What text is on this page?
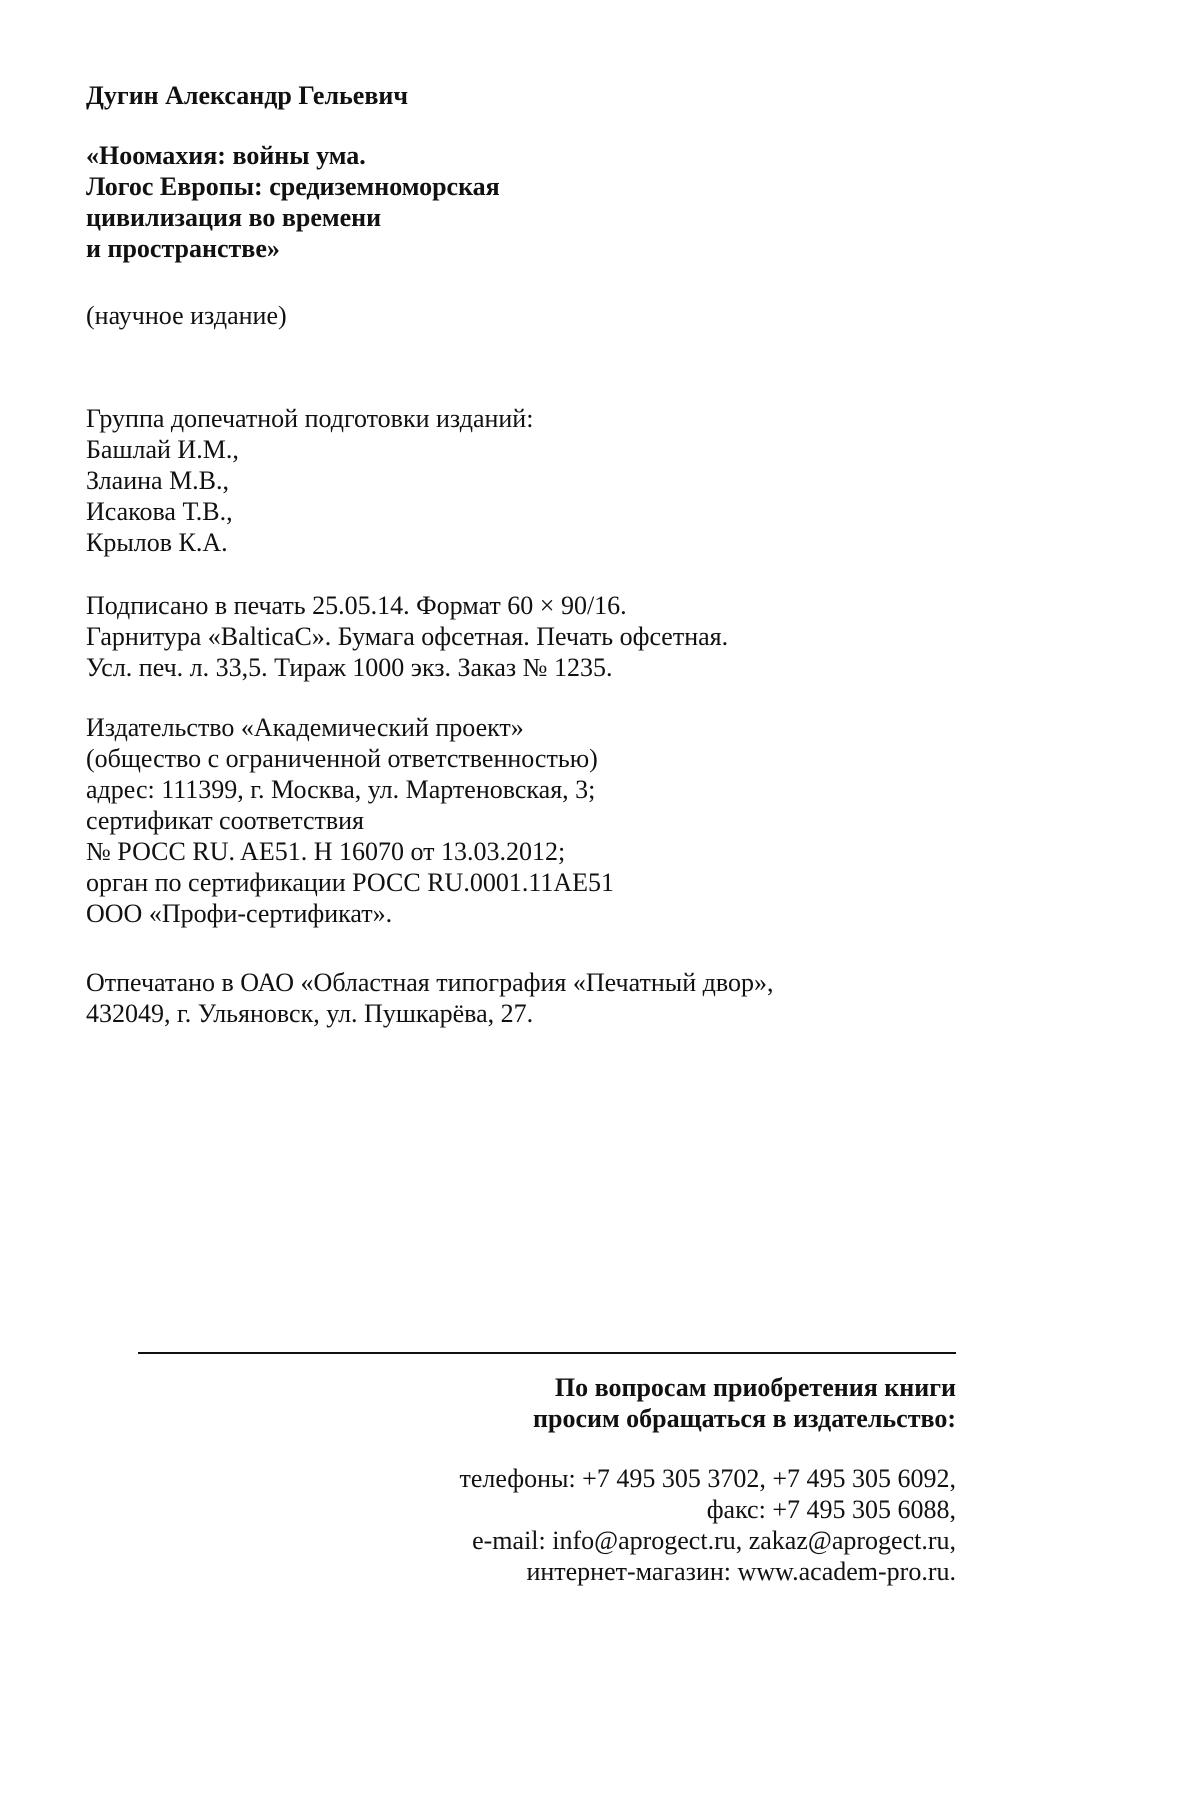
Дугин Александр Гельевич
«Ноомахия: войны ума.
Логос Европы: средиземноморская
цивилизация во времени
и пространстве»
(научное издание)
Группа допечатной подготовки изданий:
Башлай И.М.,
Злаина М.В.,
Исакова Т.В.,
Крылов К.А.
Подписано в печать 25.05.14. Формат 60 × 90/16.
Гарнитура «BalticaC». Бумага офсетная. Печать офсетная.
Усл. печ. л. 33,5. Тираж 1000 экз. Заказ № 1235.
Издательство «Академический проект»
(общество с ограниченной ответственностью)
адрес: 111399, г. Москва, ул. Мартеновская, 3;
сертификат соответствия
№ РОСС RU. AE51. H 16070 от 13.03.2012;
орган по сертификации РОСС RU.0001.11AE51
ООО «Профи-сертификат».
Отпечатано в ОАО «Областная типография «Печатный двор»,
432049, г. Ульяновск, ул. Пушкарёва, 27.
По вопросам приобретения книги
просим обращаться в издательство:
телефоны: +7 495 305 3702, +7 495 305 6092,
факс: +7 495 305 6088,
e-mail: info@aprogect.ru, zakaz@aprogect.ru,
интернет-магазин: www.academ-pro.ru.
